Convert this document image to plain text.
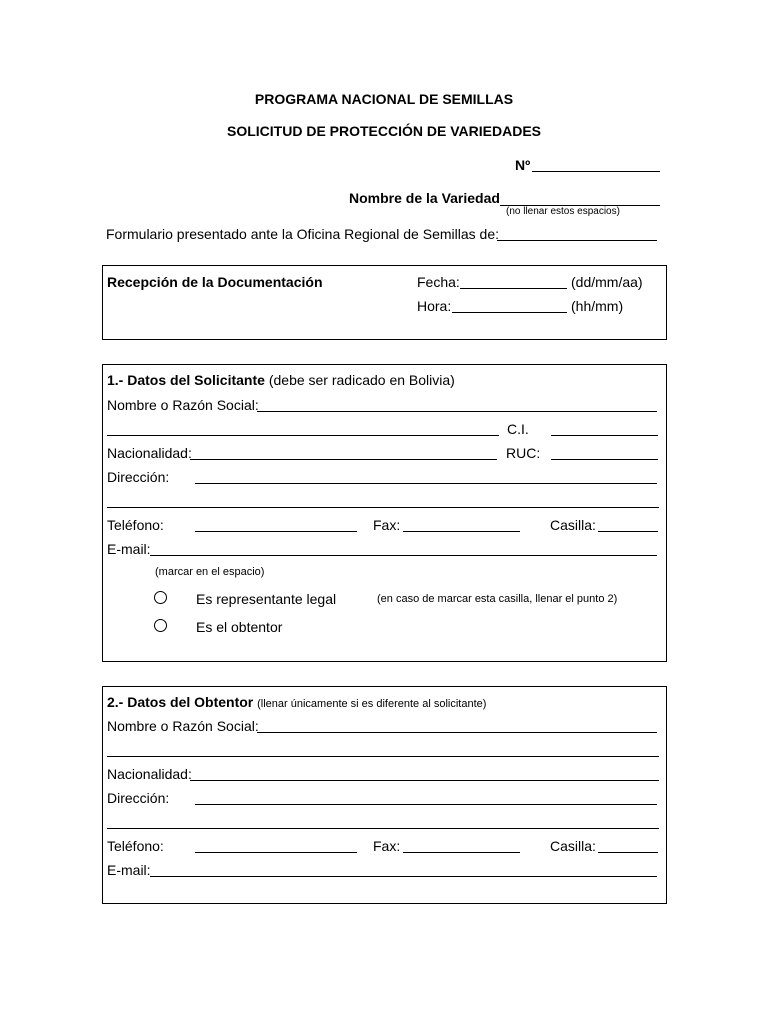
PROGRAMA NACIONAL DE SEMILLAS
SOLICITUD DE PROTECCIÓN DE VARIEDADES
Nº
Nombre de la Variedad
(no llenar estos espacios)
Formulario presentado ante la Oficina Regional de Semillas de:
Recepción de la Documentación	Fecha:	(dd/mm/aa)
Hora:	(hh/mm)
1.- Datos del Solicitante (debe ser radicado en Bolivia)
Nombre o Razón Social:
C.I.
Nacionalidad:	RUC:
Dirección:
Teléfono:	Fax:	Casilla:
E-mail:
(marcar en el espacio)
Es representante legal	(en caso de marcar esta casilla, llenar el punto 2)
Es el obtentor
2.- Datos del Obtentor (llenar únicamente si es diferente al solicitante)
Nombre o Razón Social:
Nacionalidad:
Dirección:
Teléfono:	Fax:	Casilla:
E-mail:
